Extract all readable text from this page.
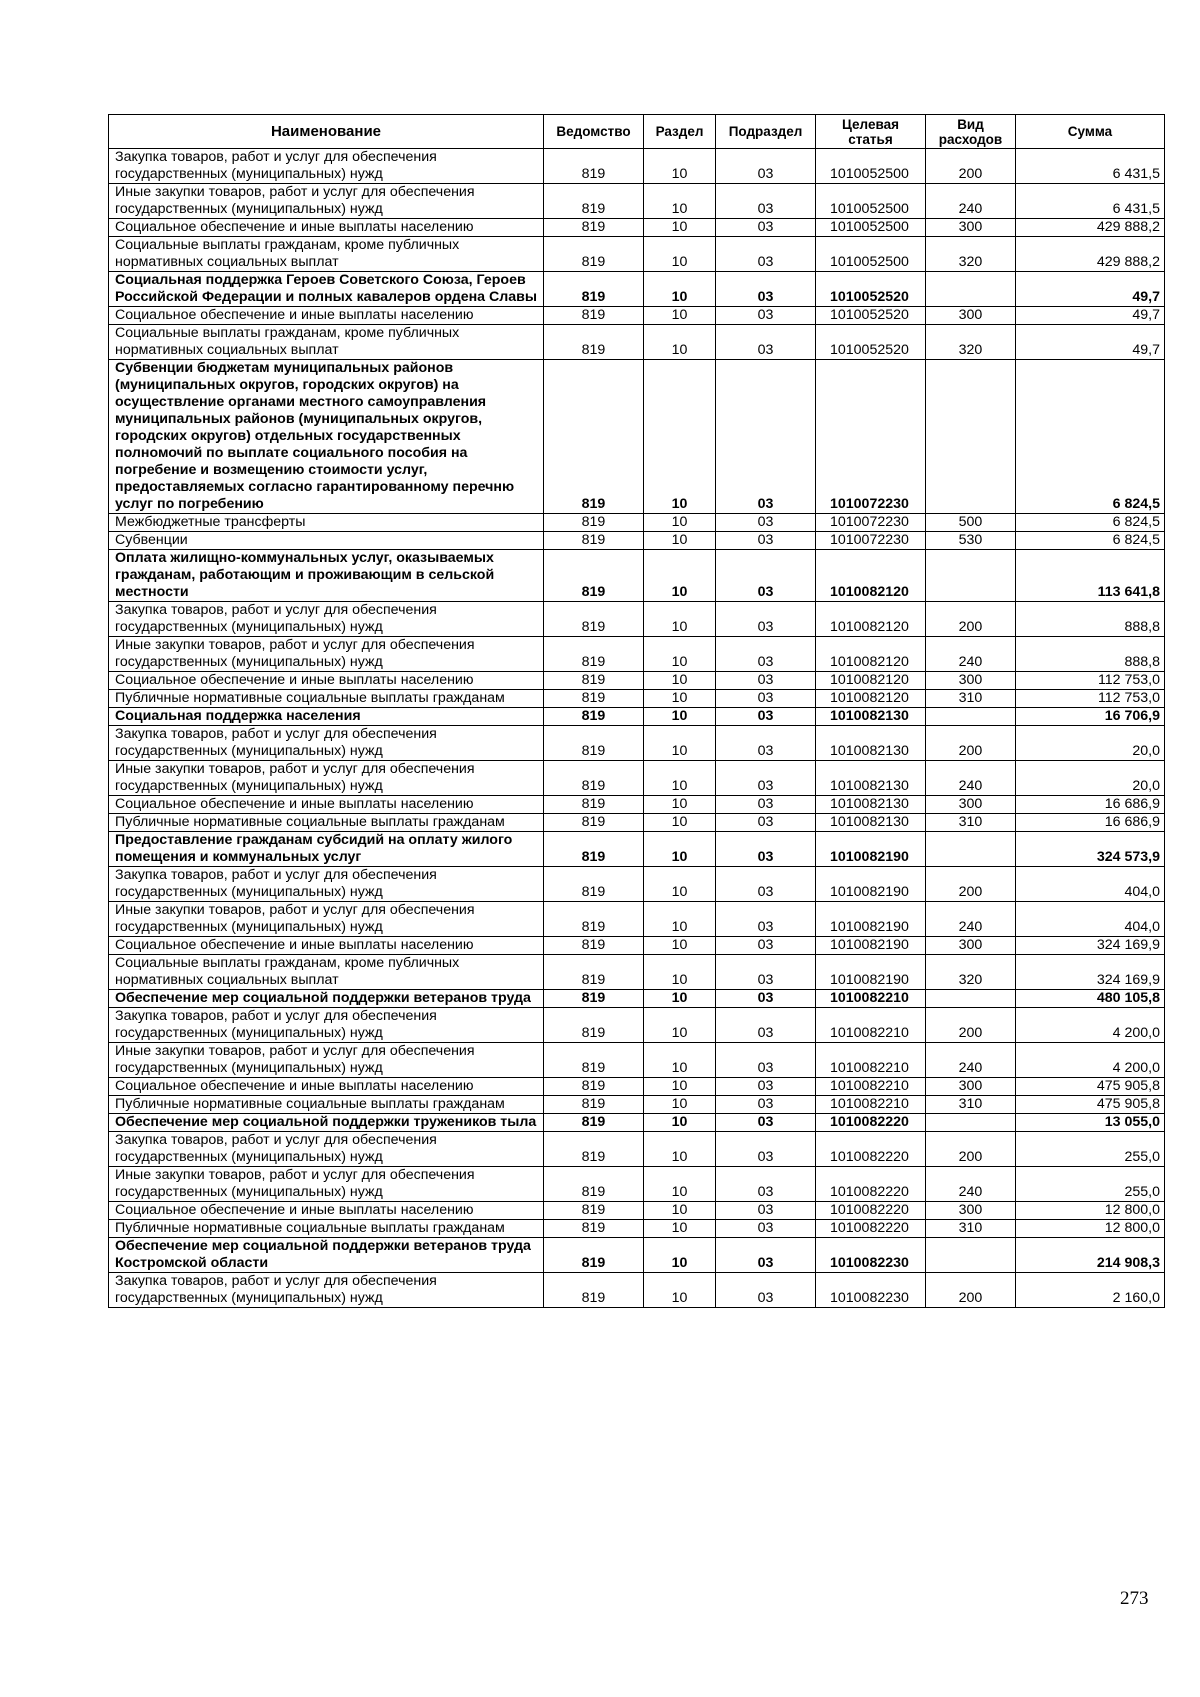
Наименование	Ведомство	Раздел	Подраздел	Целевая статья	Вид расходов	Сумма
Закупка товаров, работ и услуг для обеспечения государственных (муниципальных) нужд	819	10	03	1010052500	200	6 431,5
Иные закупки товаров, работ и услуг для обеспечения государственных (муниципальных) нужд	819	10	03	1010052500	240	6 431,5
Социальное обеспечение и иные выплаты населению	819	10	03	1010052500	300	429 888,2
Социальные выплаты гражданам, кроме публичных нормативных социальных выплат	819	10	03	1010052500	320	429 888,2
Социальная поддержка Героев Советского Союза, Героев Российской Федерации и полных кавалеров ордена Славы	819	10	03	1010052520		49,7
Социальное обеспечение и иные выплаты населению	819	10	03	1010052520	300	49,7
Социальные выплаты гражданам, кроме публичных нормативных социальных выплат	819	10	03	1010052520	320	49,7
Субвенции бюджетам муниципальных районов (муниципальных округов, городских округов) на осуществление органами местного самоуправления муниципальных районов (муниципальных округов, городских округов) отдельных государственных полномочий по выплате социального пособия на погребение и возмещению стоимости услуг, предоставляемых согласно гарантированному перечню услуг по погребению	819	10	03	1010072230		6 824,5
Межбюджетные трансферты	819	10	03	1010072230	500	6 824,5
Субвенции	819	10	03	1010072230	530	6 824,5
Оплата жилищно-коммунальных услуг, оказываемых гражданам, работающим и проживающим в сельской местности	819	10	03	1010082120		113 641,8
Закупка товаров, работ и услуг для обеспечения государственных (муниципальных) нужд	819	10	03	1010082120	200	888,8
Иные закупки товаров, работ и услуг для обеспечения государственных (муниципальных) нужд	819	10	03	1010082120	240	888,8
Социальное обеспечение и иные выплаты населению	819	10	03	1010082120	300	112 753,0
Публичные нормативные социальные выплаты гражданам	819	10	03	1010082120	310	112 753,0
Социальная поддержка населения	819	10	03	1010082130		16 706,9
Закупка товаров, работ и услуг для обеспечения государственных (муниципальных) нужд	819	10	03	1010082130	200	20,0
Иные закупки товаров, работ и услуг для обеспечения государственных (муниципальных) нужд	819	10	03	1010082130	240	20,0
Социальное обеспечение и иные выплаты населению	819	10	03	1010082130	300	16 686,9
Публичные нормативные социальные выплаты гражданам	819	10	03	1010082130	310	16 686,9
Предоставление гражданам субсидий на оплату жилого помещения и коммунальных услуг	819	10	03	1010082190		324 573,9
Закупка товаров, работ и услуг для обеспечения государственных (муниципальных) нужд	819	10	03	1010082190	200	404,0
Иные закупки товаров, работ и услуг для обеспечения государственных (муниципальных) нужд	819	10	03	1010082190	240	404,0
Социальное обеспечение и иные выплаты населению	819	10	03	1010082190	300	324 169,9
Социальные выплаты гражданам, кроме публичных нормативных социальных выплат	819	10	03	1010082190	320	324 169,9
Обеспечение мер социальной поддержки ветеранов труда	819	10	03	1010082210		480 105,8
Закупка товаров, работ и услуг для обеспечения государственных (муниципальных) нужд	819	10	03	1010082210	200	4 200,0
Иные закупки товаров, работ и услуг для обеспечения государственных (муниципальных) нужд	819	10	03	1010082210	240	4 200,0
Социальное обеспечение и иные выплаты населению	819	10	03	1010082210	300	475 905,8
Публичные нормативные социальные выплаты гражданам	819	10	03	1010082210	310	475 905,8
Обеспечение мер социальной поддержки тружеников тыла	819	10	03	1010082220		13 055,0
Закупка товаров, работ и услуг для обеспечения государственных (муниципальных) нужд	819	10	03	1010082220	200	255,0
Иные закупки товаров, работ и услуг для обеспечения государственных (муниципальных) нужд	819	10	03	1010082220	240	255,0
Социальное обеспечение и иные выплаты населению	819	10	03	1010082220	300	12 800,0
Публичные нормативные социальные выплаты гражданам	819	10	03	1010082220	310	12 800,0
Обеспечение мер социальной поддержки ветеранов труда Костромской области	819	10	03	1010082230		214 908,3
Закупка товаров, работ и услуг для обеспечения государственных (муниципальных) нужд	819	10	03	1010082230	200	2 160,0
273
